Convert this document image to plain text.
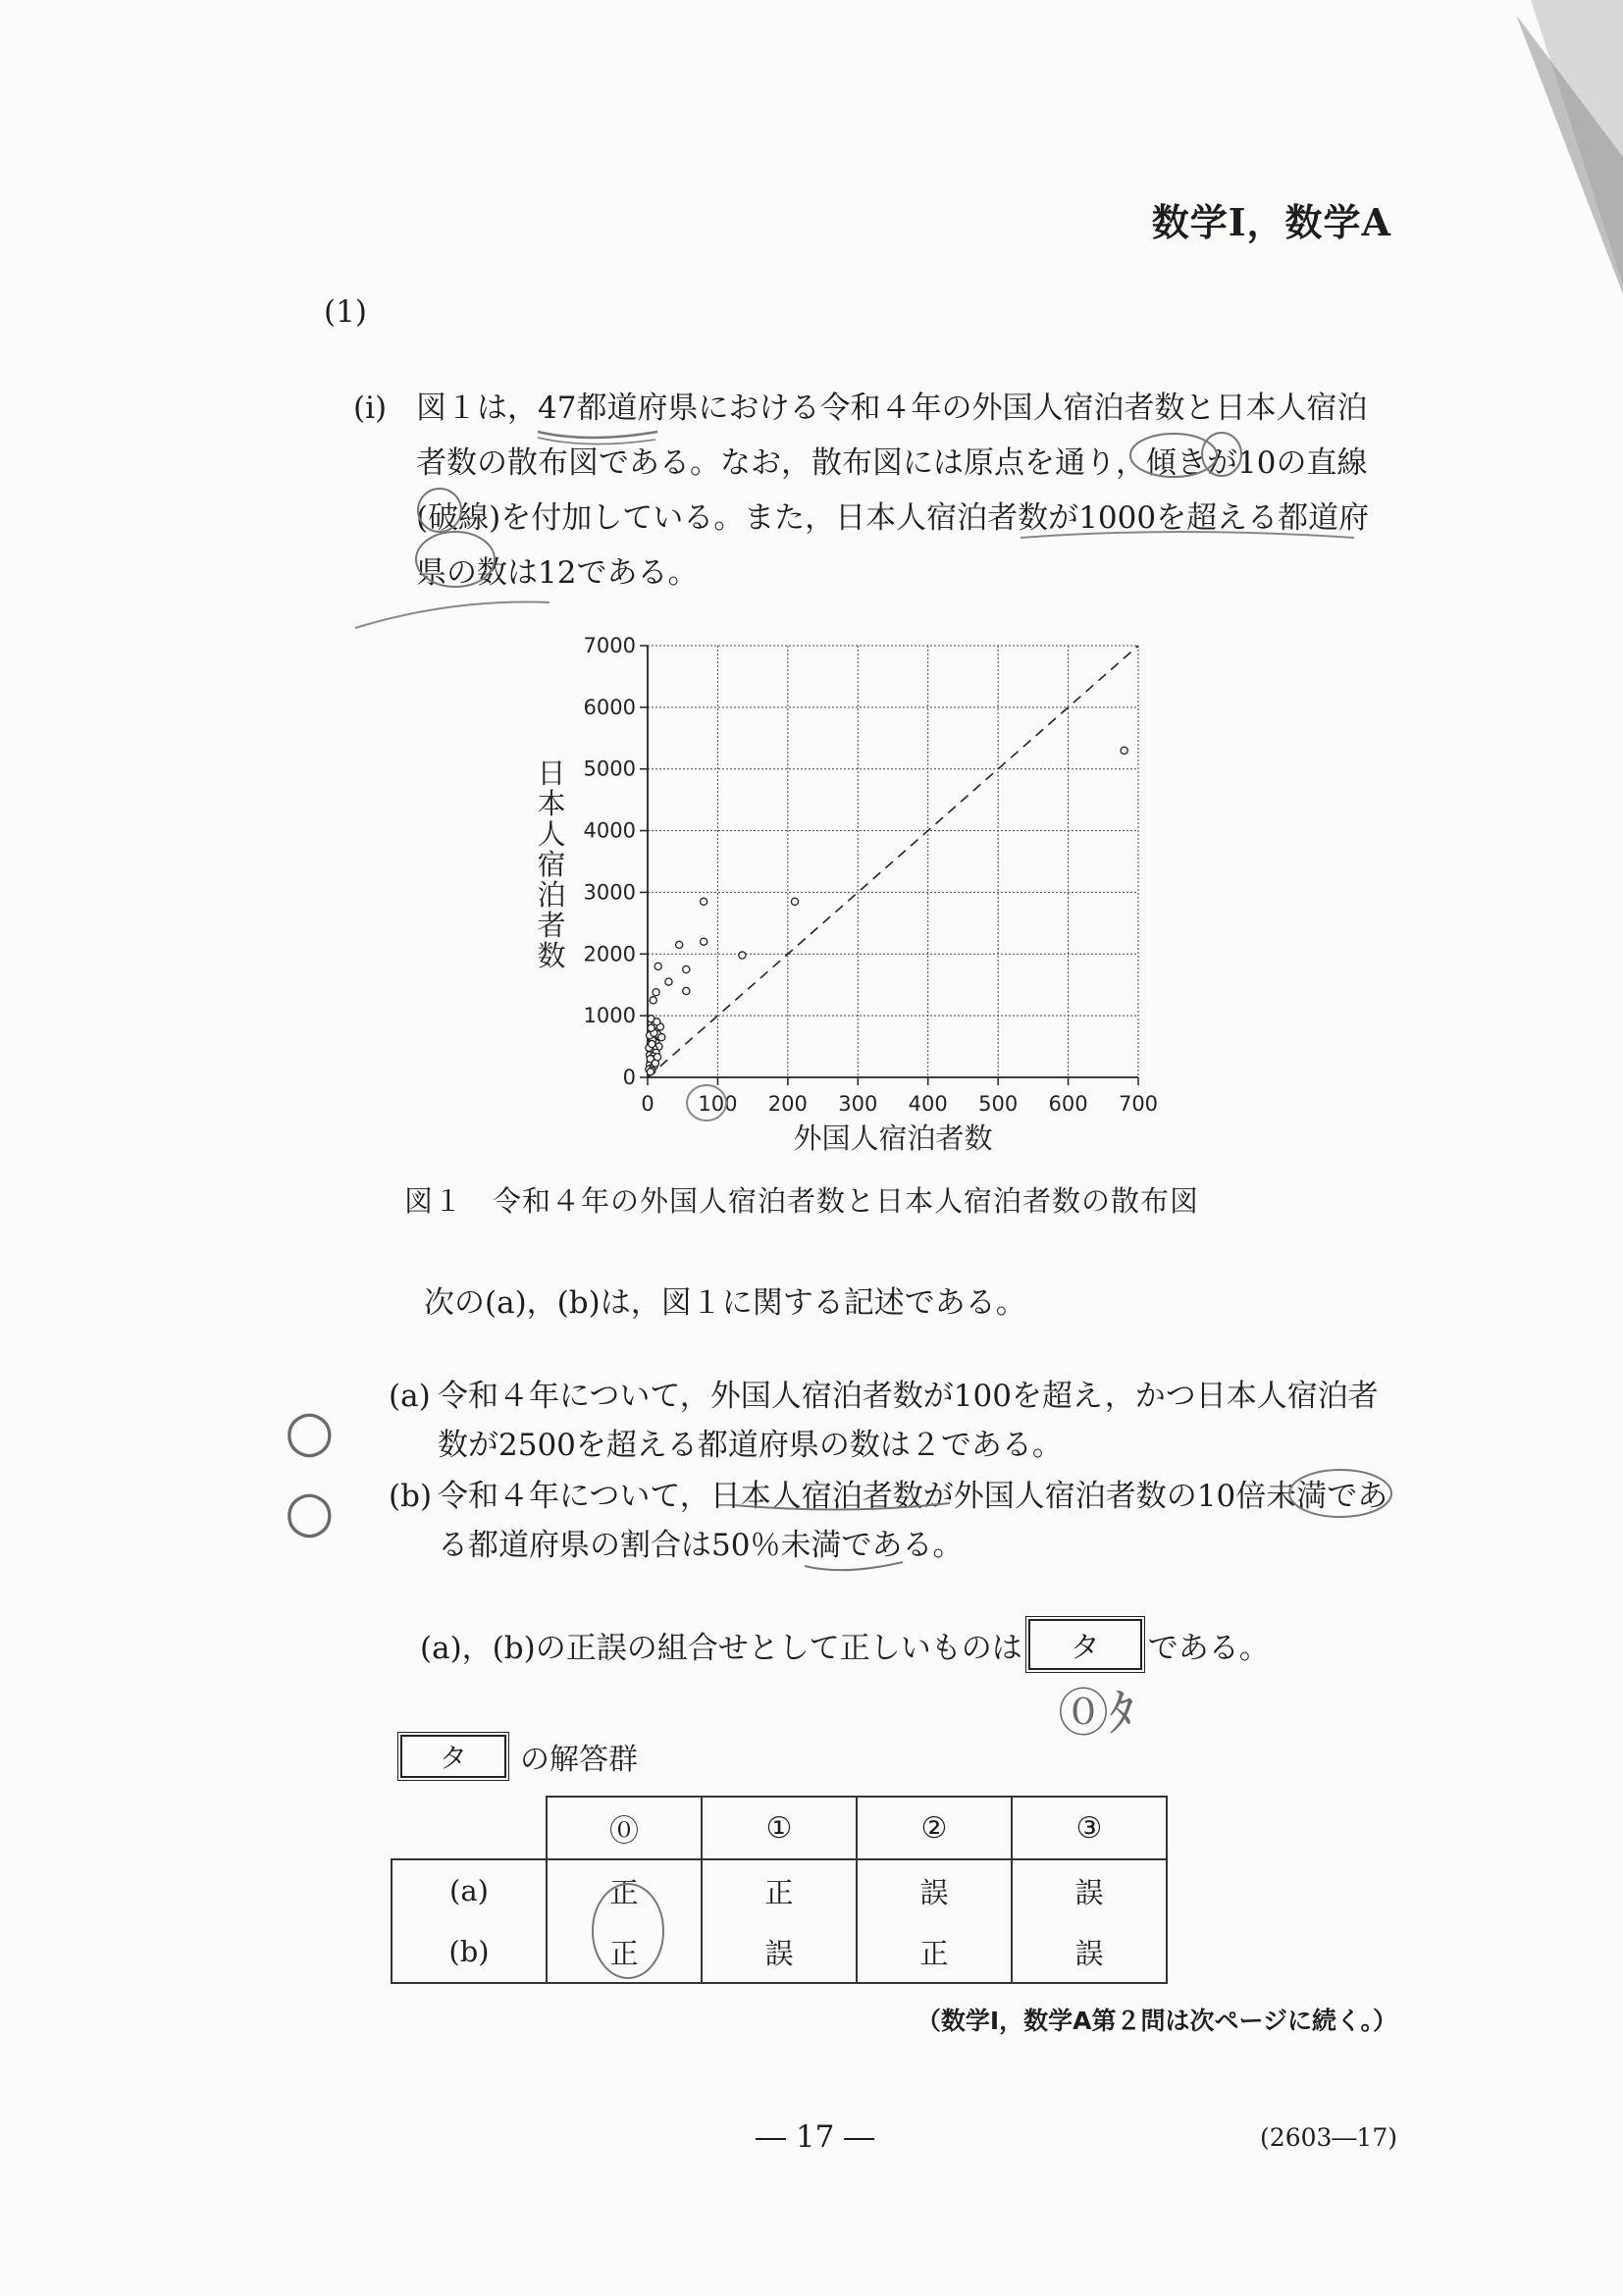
数学Ⅰ，数学A
(1)
(i) 図１は，47都道府県における令和４年の外国人宿泊者数と日本人宿泊者数の散布図である。なお，散布図には原点を通り，傾きが10の直線(破線)を付加している。また，日本人宿泊者数が1000を超える都道府県の数は12である。
0 100 200 300 400 500 600 700
0
1000
2000
3000
4000
5000
6000
7000
外国人宿泊者数
日
本
人
宿
泊
者
数
図１　令和４年の外国人宿泊者数と日本人宿泊者数の散布図
次の(a)，(b)は，図１に関する記述である。
(a) 令和４年について，外国人宿泊者数が100を超え，かつ日本人宿泊者数が2500を超える都道府県の数は２である。
(b) 令和４年について，日本人宿泊者数が外国人宿泊者数の10倍未満である都道府県の割合は50％未満である。
(a)，(b)の正誤の組合せとして正しいものは	タ	である。
タ	の解答群
	⓪	①	②	③
(a)	正	正	誤	誤
(b)	正	誤	正	誤
（数学Ⅰ，数学A第２問は次ページに続く。）
― 17 ―	(2603―17)
○
○
⓪ﾀ
